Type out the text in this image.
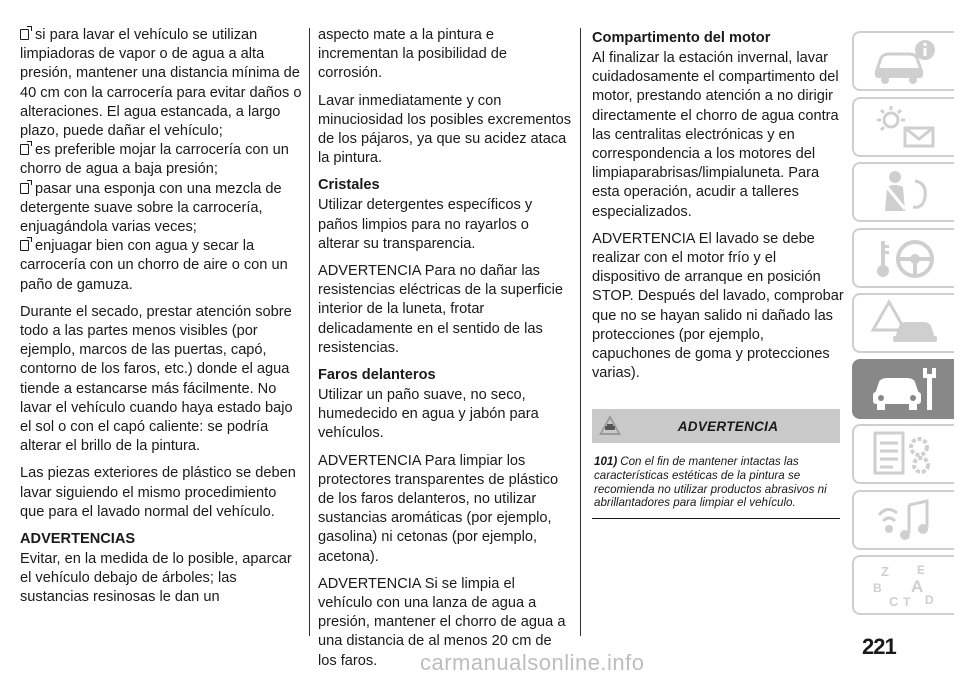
si para lavar el vehículo se utilizan limpiadoras de vapor o de agua a alta presión, mantener una distancia mínima de 40 cm con la carrocería para evitar daños o alteraciones. El agua estancada, a largo plazo, puede dañar el vehículo;

es preferible mojar la carrocería con un chorro de agua a baja presión;

pasar una esponja con una mezcla de detergente suave sobre la carrocería, enjuagándola varias veces;

enjuagar bien con agua y secar la carrocería con un chorro de aire o con un paño de gamuza.

Durante el secado, prestar atención sobre todo a las partes menos visibles (por ejemplo, marcos de las puertas, capó, contorno de los faros, etc.) donde el agua tiende a estancarse más fácilmente. No lavar el vehículo cuando haya estado bajo el sol o con el capó caliente: se podría alterar el brillo de la pintura.

Las piezas exteriores de plástico se deben lavar siguiendo el mismo procedimiento que para el lavado normal del vehículo.

ADVERTENCIAS

Evitar, en la medida de lo posible, aparcar el vehículo debajo de árboles; las sustancias resinosas le dan un

aspecto mate a la pintura e incrementan la posibilidad de corrosión.

Lavar inmediatamente y con minuciosidad los posibles excrementos de los pájaros, ya que su acidez ataca la pintura.

Cristales

Utilizar detergentes específicos y paños limpios para no rayarlos o alterar su transparencia.

ADVERTENCIA Para no dañar las resistencias eléctricas de la superficie interior de la luneta, frotar delicadamente en el sentido de las resistencias.

Faros delanteros

Utilizar un paño suave, no seco, humedecido en agua y jabón para vehículos.

ADVERTENCIA Para limpiar los protectores transparentes de plástico de los faros delanteros, no utilizar sustancias aromáticas (por ejemplo, gasolina) ni cetonas (por ejemplo, acetona).

ADVERTENCIA Si se limpia el vehículo con una lanza de agua a presión, mantener el chorro de agua a una distancia de al menos 20 cm de los faros.

Compartimento del motor

Al finalizar la estación invernal, lavar cuidadosamente el compartimento del motor, prestando atención a no dirigir directamente el chorro de agua contra las centralitas electrónicas y en correspondencia a los motores del limpiaparabrisas/limpialuneta. Para esta operación, acudir a talleres especializados.

ADVERTENCIA El lavado se debe realizar con el motor frío y el dispositivo de arranque en posición STOP. Después del lavado, comprobar que no se hayan salido ni dañado las protecciones (por ejemplo, capuchones de goma y protecciones varias).

ADVERTENCIA
101) Con el fin de mantener intactas las características estéticas de la pintura se recomienda no utilizar productos abrasivos ni abrillantadores para limpiar el vehículo.
Z E
A
B
C T D
221
carmanualsonline.info
